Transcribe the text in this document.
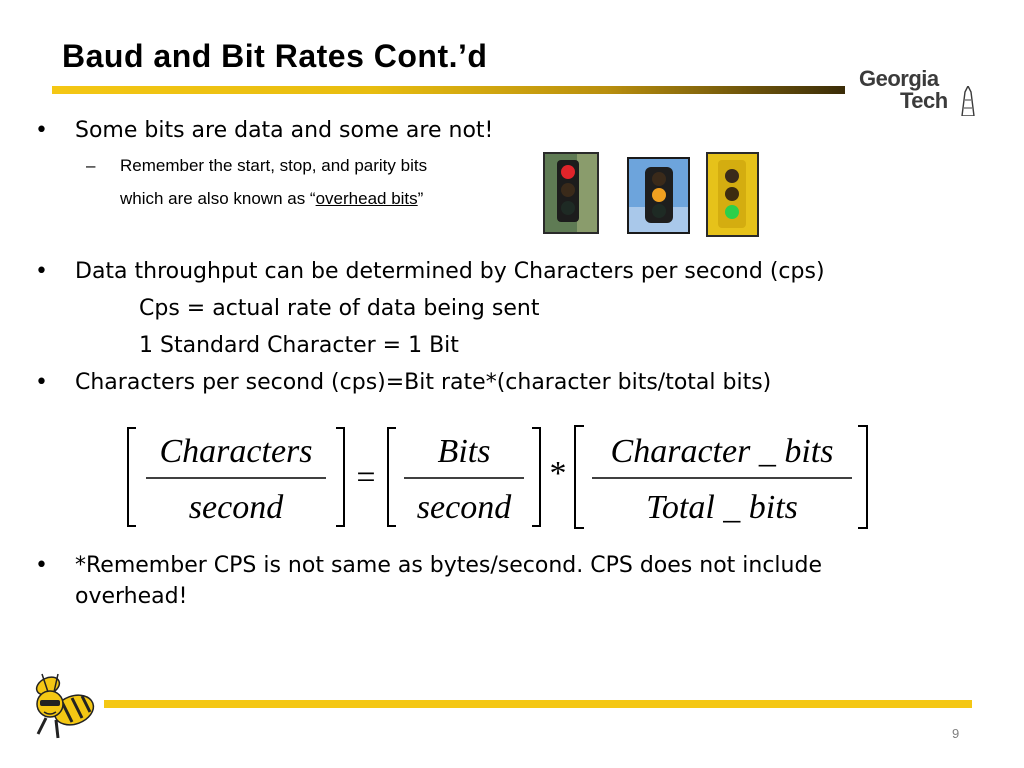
Baud and Bit Rates Cont.’d
Georgia
Tech
• Some bits are data and some are not!
– Remember the start, stop, and parity bits
which are also known as “overhead bits”
• Data throughput can be determined by Characters per second (cps)
Cps = actual rate of data being sent
1 Standard Character = 1 Bit
• Characters per second (cps)=Bit rate*(character bits/total bits)
Characters
second
=
Bits
second
*
Character _ bits
Total _ bits
• *Remember CPS is not same as bytes/second. CPS does not include
overhead!
9
